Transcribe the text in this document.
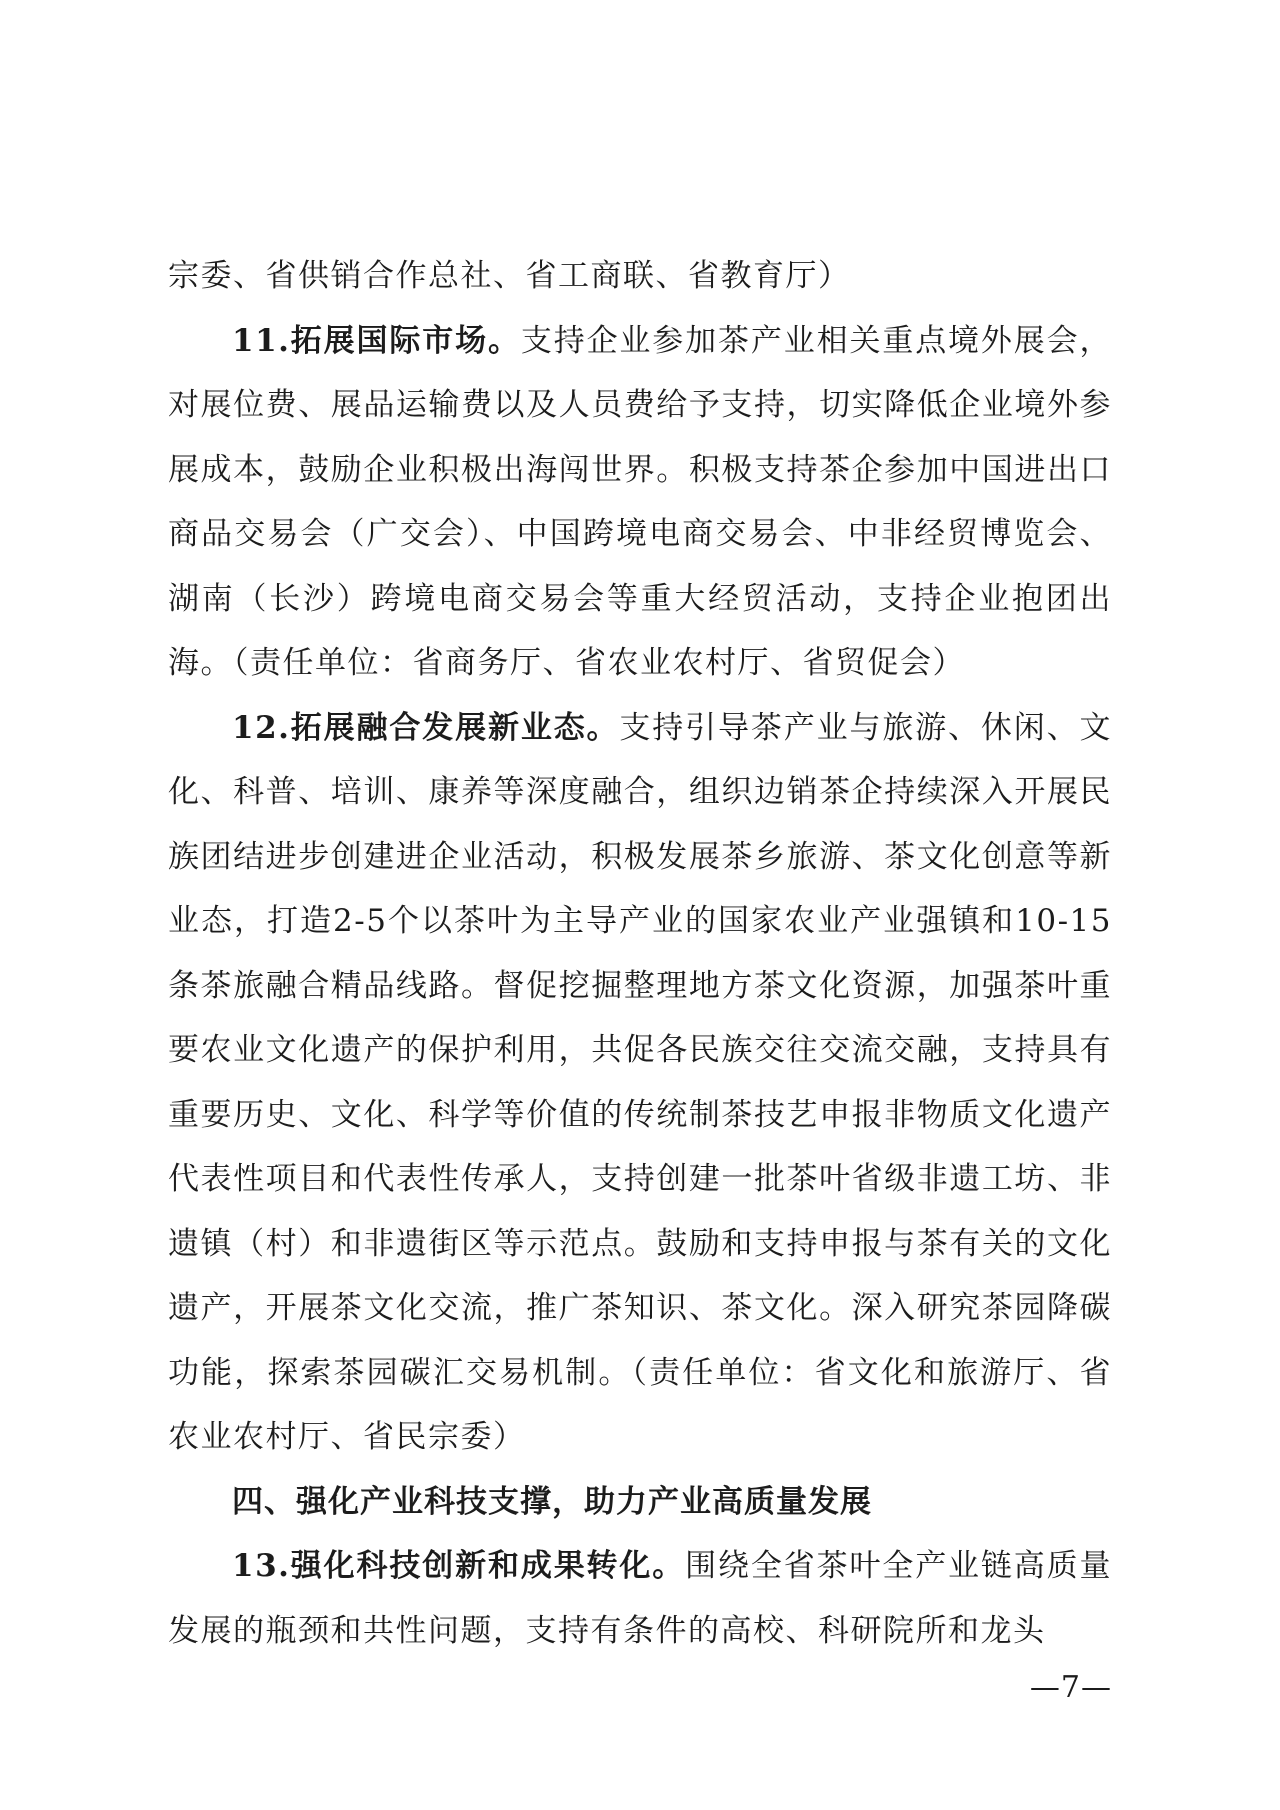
宗委、省供销合作总社、省工商联、省教育厅）

11.拓展国际市场。支持企业参加茶产业相关重点境外展会，对展位费、展品运输费以及人员费给予支持，切实降低企业境外参展成本，鼓励企业积极出海闯世界。积极支持茶企参加中国进出口商品交易会（广交会）、中国跨境电商交易会、中非经贸博览会、湖南（长沙）跨境电商交易会等重大经贸活动，支持企业抱团出海。（责任单位：省商务厅、省农业农村厅、省贸促会）

12.拓展融合发展新业态。支持引导茶产业与旅游、休闲、文化、科普、培训、康养等深度融合，组织边销茶企持续深入开展民族团结进步创建进企业活动，积极发展茶乡旅游、茶文化创意等新业态，打造2-5个以茶叶为主导产业的国家农业产业强镇和10-15条茶旅融合精品线路。督促挖掘整理地方茶文化资源，加强茶叶重要农业文化遗产的保护利用，共促各民族交往交流交融，支持具有重要历史、文化、科学等价值的传统制茶技艺申报非物质文化遗产代表性项目和代表性传承人，支持创建一批茶叶省级非遗工坊、非遗镇（村）和非遗街区等示范点。鼓励和支持申报与茶有关的文化遗产，开展茶文化交流，推广茶知识、茶文化。深入研究茶园降碳功能，探索茶园碳汇交易机制。（责任单位：省文化和旅游厅、省农业农村厅、省民宗委）

四、强化产业科技支撑，助力产业高质量发展

13.强化科技创新和成果转化。围绕全省茶叶全产业链高质量发展的瓶颈和共性问题，支持有条件的高校、科研院所和龙头

—7—
